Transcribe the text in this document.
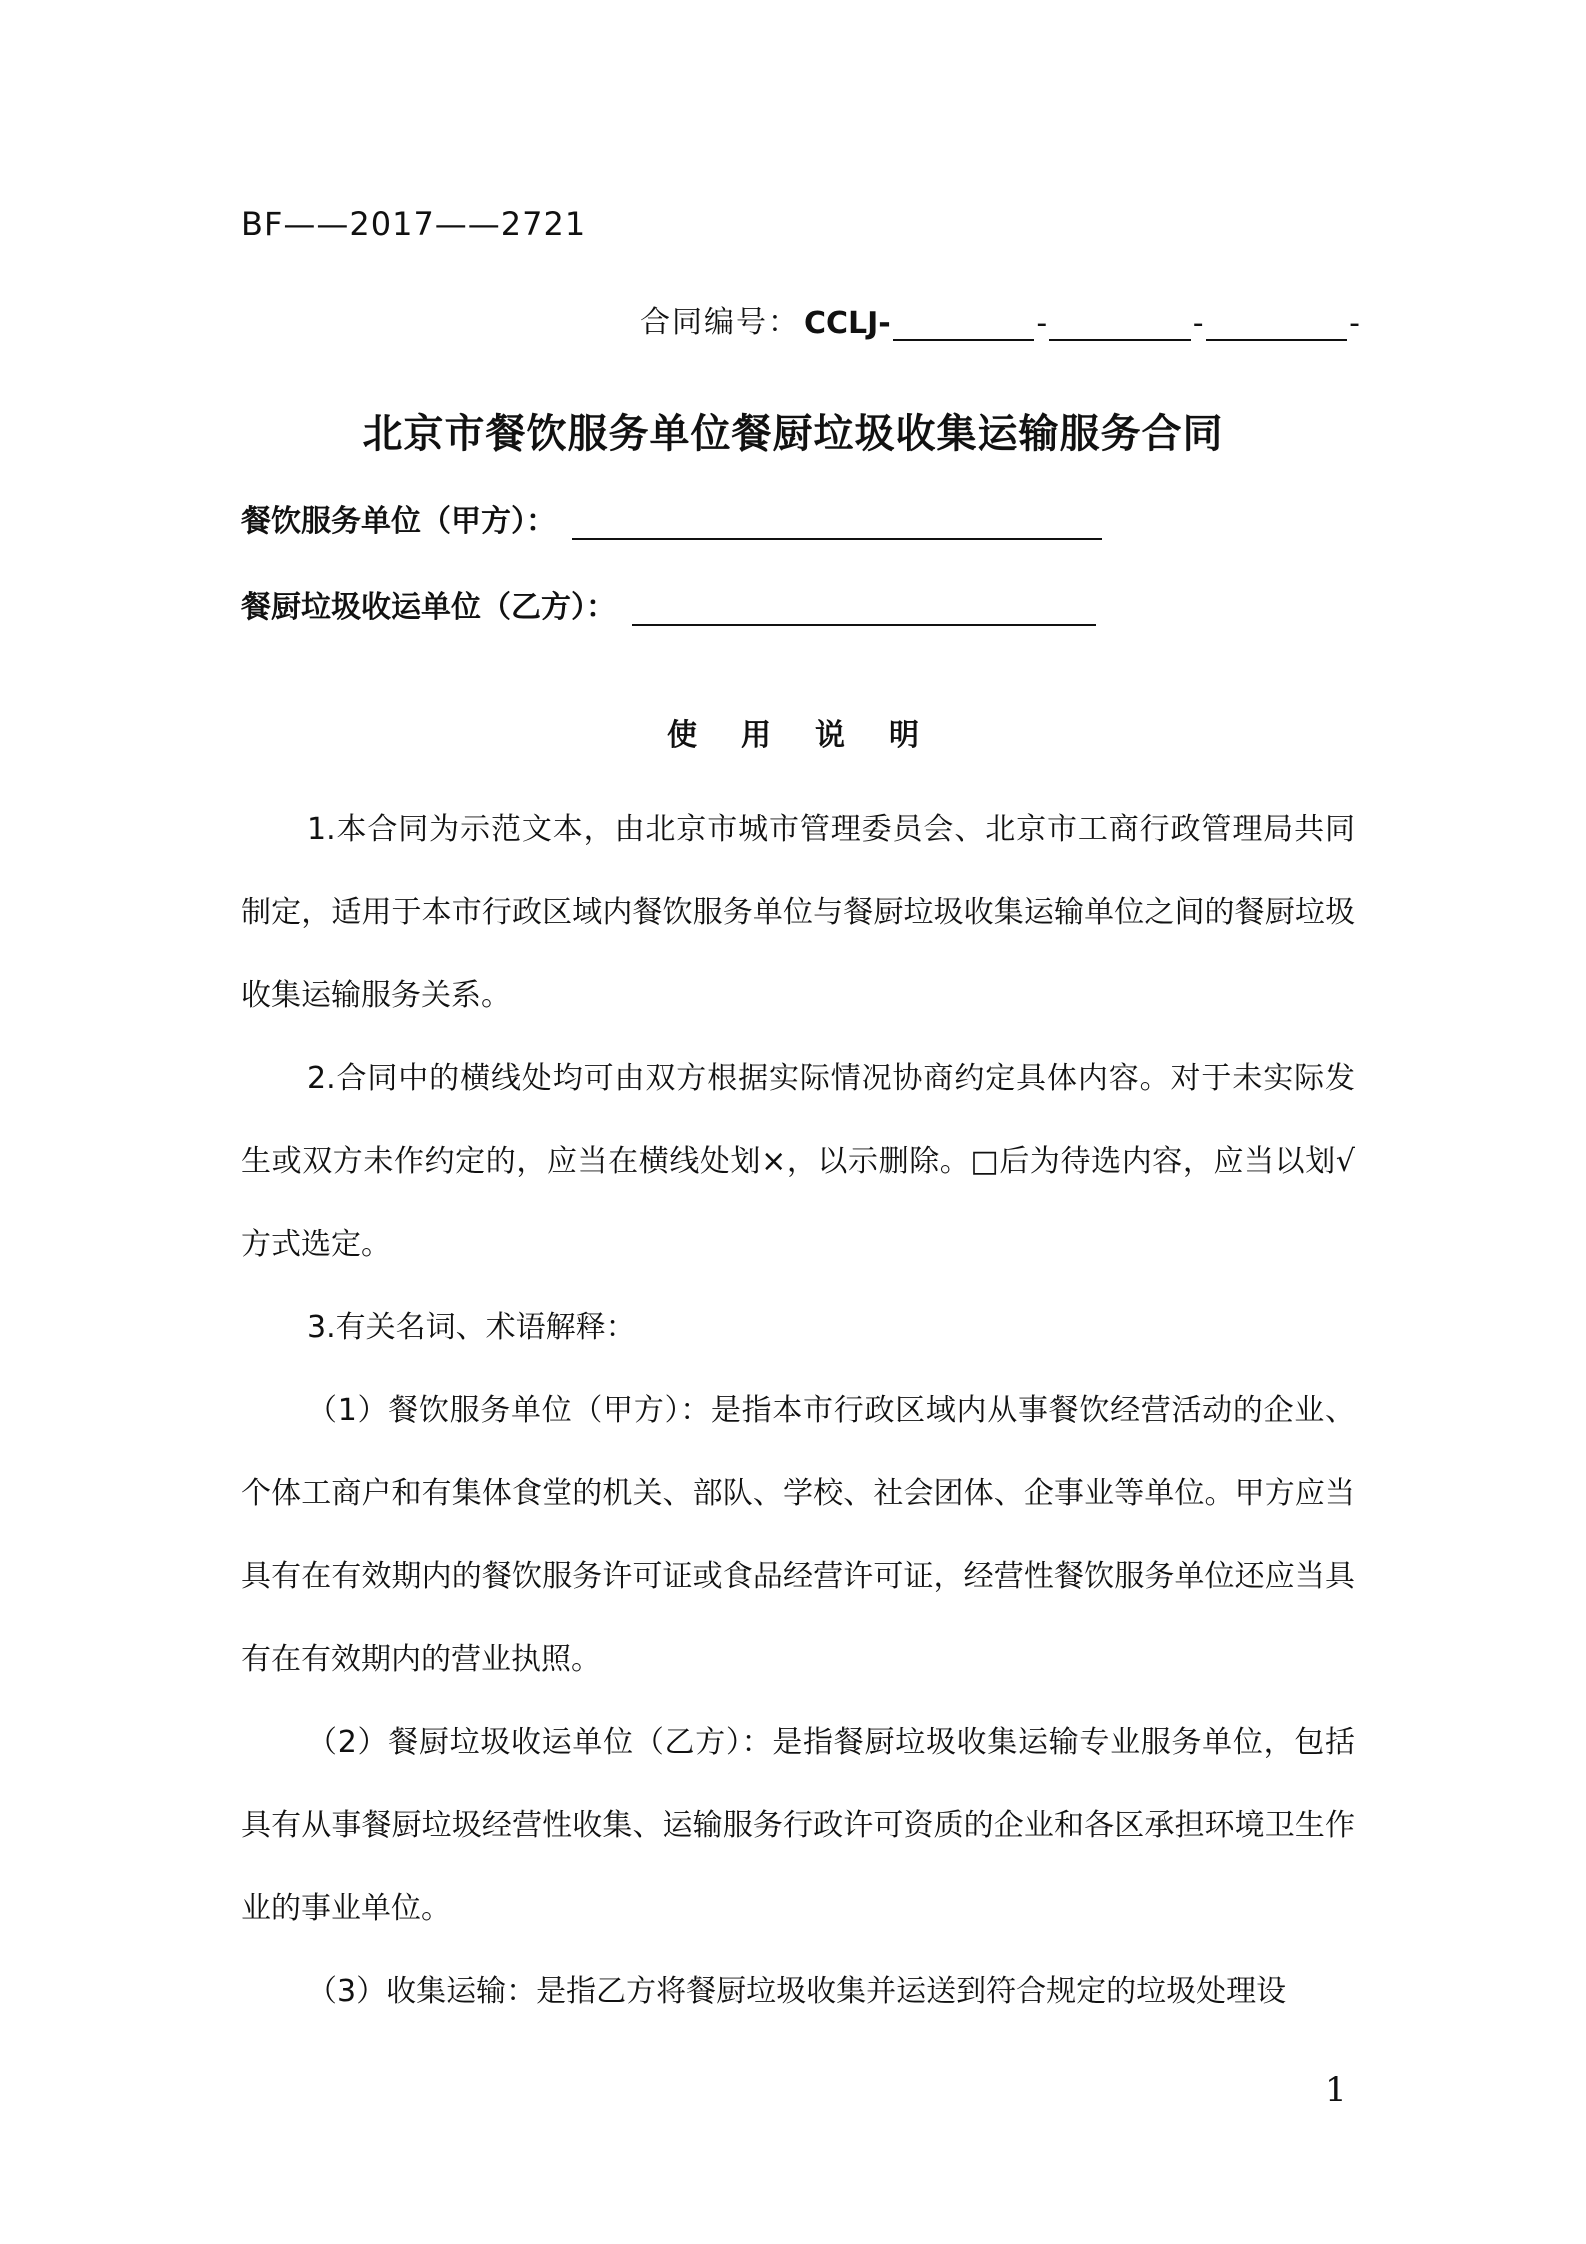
BF——2017——2721
合同编号： CCLJ-	-	-	-
北京市餐饮服务单位餐厨垃圾收集运输服务合同
餐饮服务单位（甲方）：
餐厨垃圾收运单位（乙方）：
使用说明

1.本合同为示范文本，由北京市城市管理委员会、北京市工商行政管理局共同制定，适用于本市行政区域内餐饮服务单位与餐厨垃圾收集运输单位之间的餐厨垃圾收集运输服务关系。

2.合同中的横线处均可由双方根据实际情况协商约定具体内容。对于未实际发生或双方未作约定的，应当在横线处划×，以示删除。□后为待选内容，应当以划√方式选定。

3.有关名词、术语解释：

（1）餐饮服务单位（甲方）：是指本市行政区域内从事餐饮经营活动的企业、个体工商户和有集体食堂的机关、部队、学校、社会团体、企事业等单位。甲方应当具有在有效期内的餐饮服务许可证或食品经营许可证，经营性餐饮服务单位还应当具有在有效期内的营业执照。

（2）餐厨垃圾收运单位（乙方）：是指餐厨垃圾收集运输专业服务单位，包括具有从事餐厨垃圾经营性收集、运输服务行政许可资质的企业和各区承担环境卫生作业的事业单位。

（3）收集运输：是指乙方将餐厨垃圾收集并运送到符合规定的垃圾处理设

1
